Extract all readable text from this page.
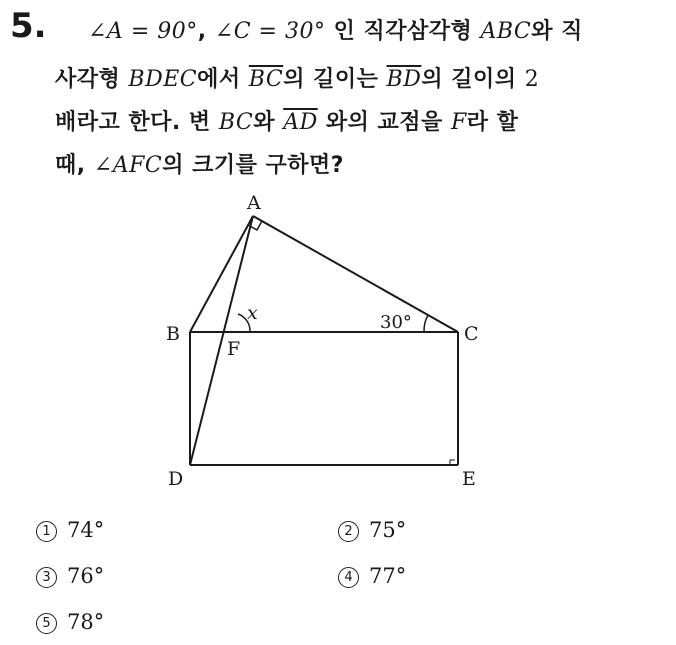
5. ∠A = 90°, ∠C = 30° 인 직각삼각형 ABC와 직
사각형 BDEC에서 $\overline{BC}$의 길이는 $\overline{BD}$의 길이의 2
배라고 한다. 변 BC와 $\overline{AD}$ 와의 교점을 F라 할
때, ∠AFC의 크기를 구하면?
A
B	C
D	E
F
x	30°
1 74°	2 75°
3 76°	4 77°
5 78°
